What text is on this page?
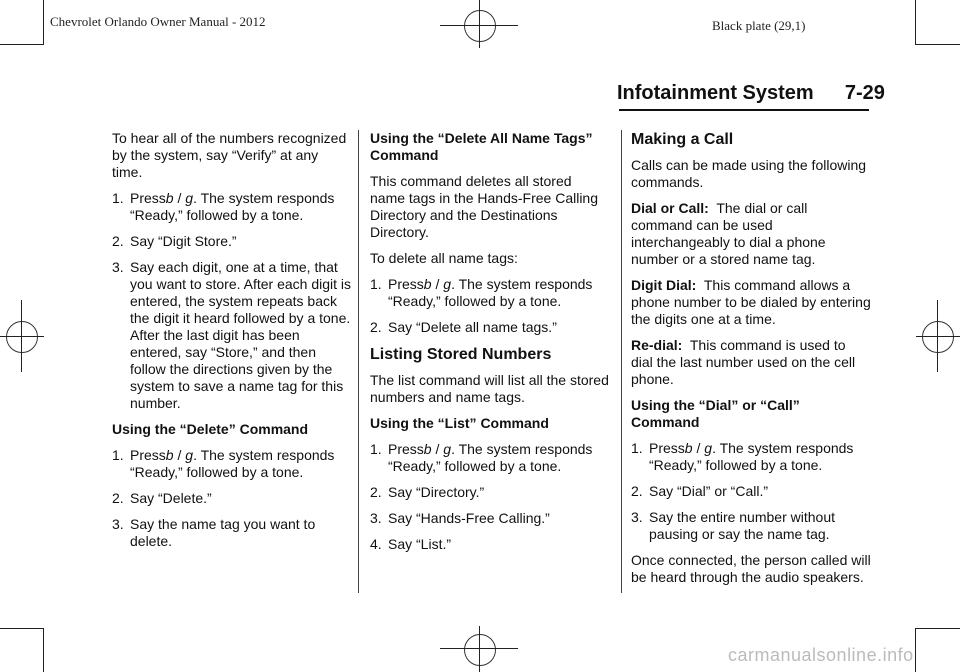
Chevrolet Orlando Owner Manual - 2012	Black plate (29,1)
Infotainment System 7-29

To hear all of the numbers recognized by the system, say “Verify” at any time.

1. Pressb / g. The system responds “Ready,” followed by a tone.
2. Say “Digit Store.”
3. Say each digit, one at a time, that you want to store. After each digit is entered, the system repeats back the digit it heard followed by a tone. After the last digit has been entered, say “Store,” and then follow the directions given by the system to save a name tag for this number.

Using the “Delete” Command

1. Pressb / g. The system responds “Ready,” followed by a tone.
2. Say “Delete.”
3. Say the name tag you want to delete.

Using the “Delete All Name Tags” Command

This command deletes all stored name tags in the Hands-Free Calling Directory and the Destinations Directory.

To delete all name tags:

1. Pressb / g. The system responds “Ready,” followed by a tone.
2. Say “Delete all name tags.”
Listing Stored Numbers

The list command will list all the stored numbers and name tags.

Using the “List” Command

1. Pressb / g. The system responds “Ready,” followed by a tone.
2. Say “Directory.”
3. Say “Hands-Free Calling.”
4. Say “List.”
Making a Call

Calls can be made using the following commands.

Dial or Call: The dial or call command can be used interchangeably to dial a phone number or a stored name tag.

Digit Dial: This command allows a phone number to be dialed by entering the digits one at a time.

Re-dial: This command is used to dial the last number used on the cell phone.

Using the “Dial” or “Call” Command

1. Pressb / g. The system responds “Ready,” followed by a tone.
2. Say “Dial” or “Call.”
3. Say the entire number without pausing or say the name tag.

Once connected, the person called will be heard through the audio speakers.

carmanualsonline.info
